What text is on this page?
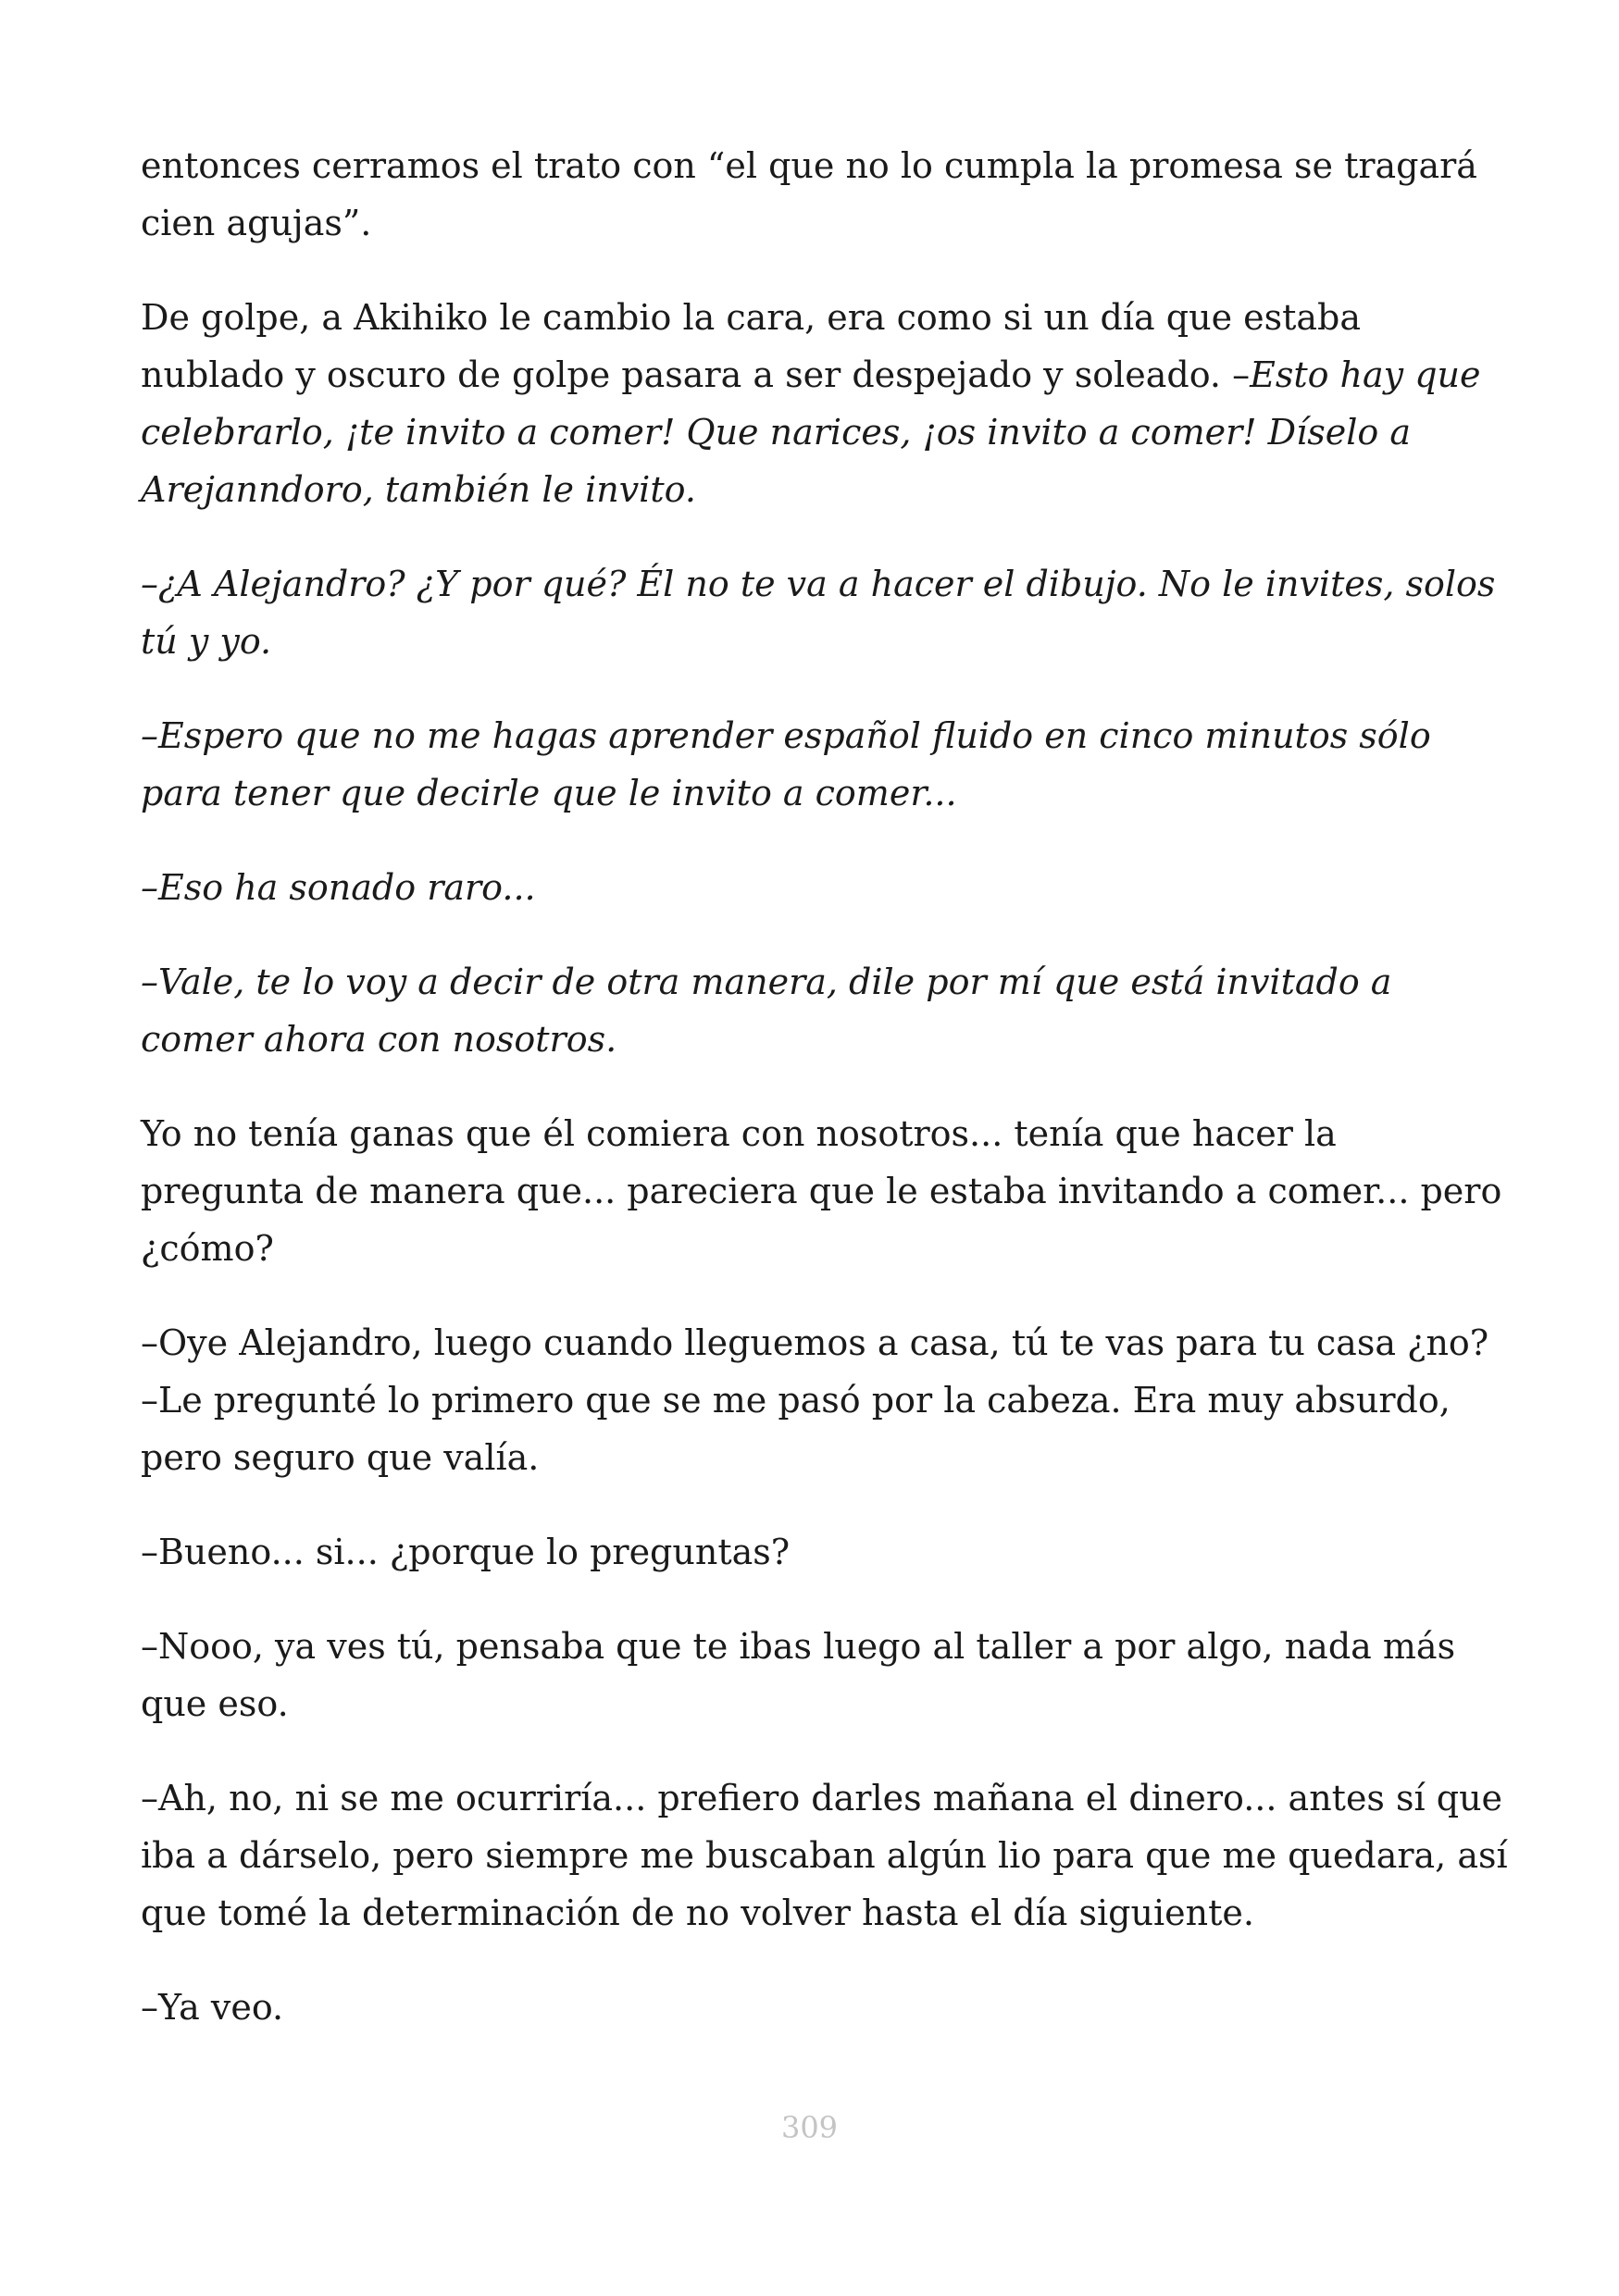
entonces cerramos el trato con “el que no lo cumpla la promesa se tragará cien agujas”.

De golpe, a Akihiko le cambio la cara, era como si un día que estaba nublado y oscuro de golpe pasara a ser despejado y soleado. –Esto hay que celebrarlo, ¡te invito a comer! Que narices, ¡os invito a comer! Díselo a Arejanndoro, también le invito.

–¿A Alejandro? ¿Y por qué? Él no te va a hacer el dibujo. No le invites, solos tú y yo.

–Espero que no me hagas aprender español fluido en cinco minutos sólo para tener que decirle que le invito a comer...

–Eso ha sonado raro...

–Vale, te lo voy a decir de otra manera, dile por mí que está invitado a comer ahora con nosotros.

Yo no tenía ganas que él comiera con nosotros... tenía que hacer la pregunta de manera que... pareciera que le estaba invitando a comer... pero ¿cómo?

–Oye Alejandro, luego cuando lleguemos a casa, tú te vas para tu casa ¿no? –Le pregunté lo primero que se me pasó por la cabeza. Era muy absurdo, pero seguro que valía.

–Bueno... si... ¿porque lo preguntas?

–Nooo, ya ves tú, pensaba que te ibas luego al taller a por algo, nada más que eso.

–Ah, no, ni se me ocurriría... prefiero darles mañana el dinero... antes sí que iba a dárselo, pero siempre me buscaban algún lio para que me quedara, así que tomé la determinación de no volver hasta el día siguiente.

–Ya veo.

309
